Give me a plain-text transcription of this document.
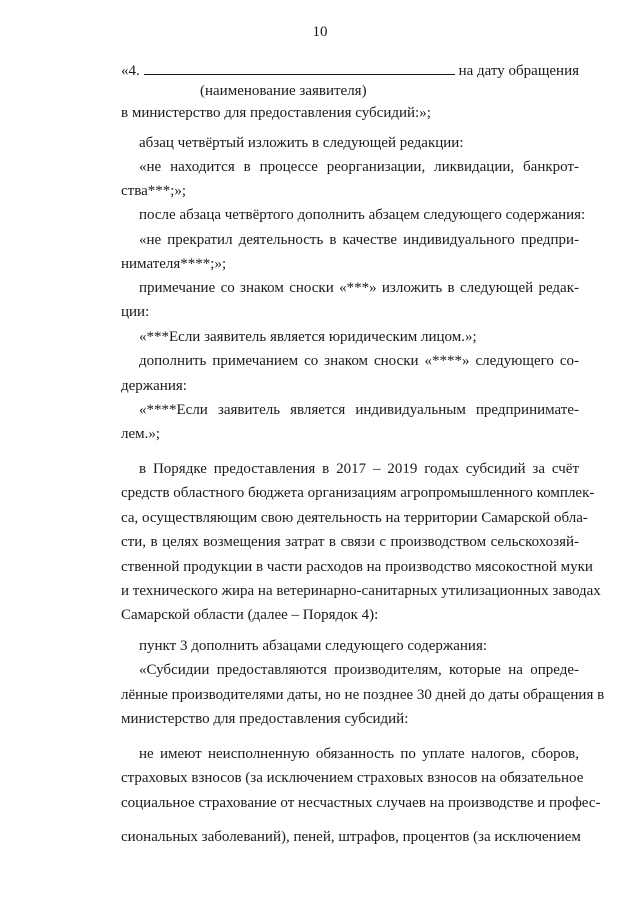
10
«4.	на дату обращения
(наименование заявителя)
в министерство для предоставления субсидий:»;
абзац четвёртый изложить в следующей редакции:
«не находится в процессе реорганизации, ликвидации, банкрот-
ства***;»;
после абзаца четвёртого дополнить абзацем следующего содержания:
«не прекратил деятельность в качестве индивидуального предпри-
нимателя****;»;
примечание со знаком сноски «***» изложить в следующей редак-
ции:
«***Если заявитель является юридическим лицом.»;
дополнить примечанием со знаком сноски «****» следующего со-
держания:
«****Если заявитель является индивидуальным предпринимате-
лем.»;
в Порядке предоставления в 2017 – 2019 годах субсидий за счёт
средств областного бюджета организациям агропромышленного комплек-
са, осуществляющим свою деятельность на территории Самарской обла-
сти, в целях возмещения затрат в связи с производством сельскохозяй-
ственной продукции в части расходов на производство мясокостной муки
и технического жира на ветеринарно-санитарных утилизационных заводах
Самарской области (далее – Порядок 4):
пункт 3 дополнить абзацами следующего содержания:
«Субсидии предоставляются производителям, которые на опреде-
лённые производителями даты, но не позднее 30 дней до даты обращения в
министерство для предоставления субсидий:
не имеют неисполненную обязанность по уплате налогов, сборов,
страховых взносов (за исключением страховых взносов на обязательное
социальное страхование от несчастных случаев на производстве и профес-
сиональных заболеваний), пеней, штрафов, процентов (за исключением
